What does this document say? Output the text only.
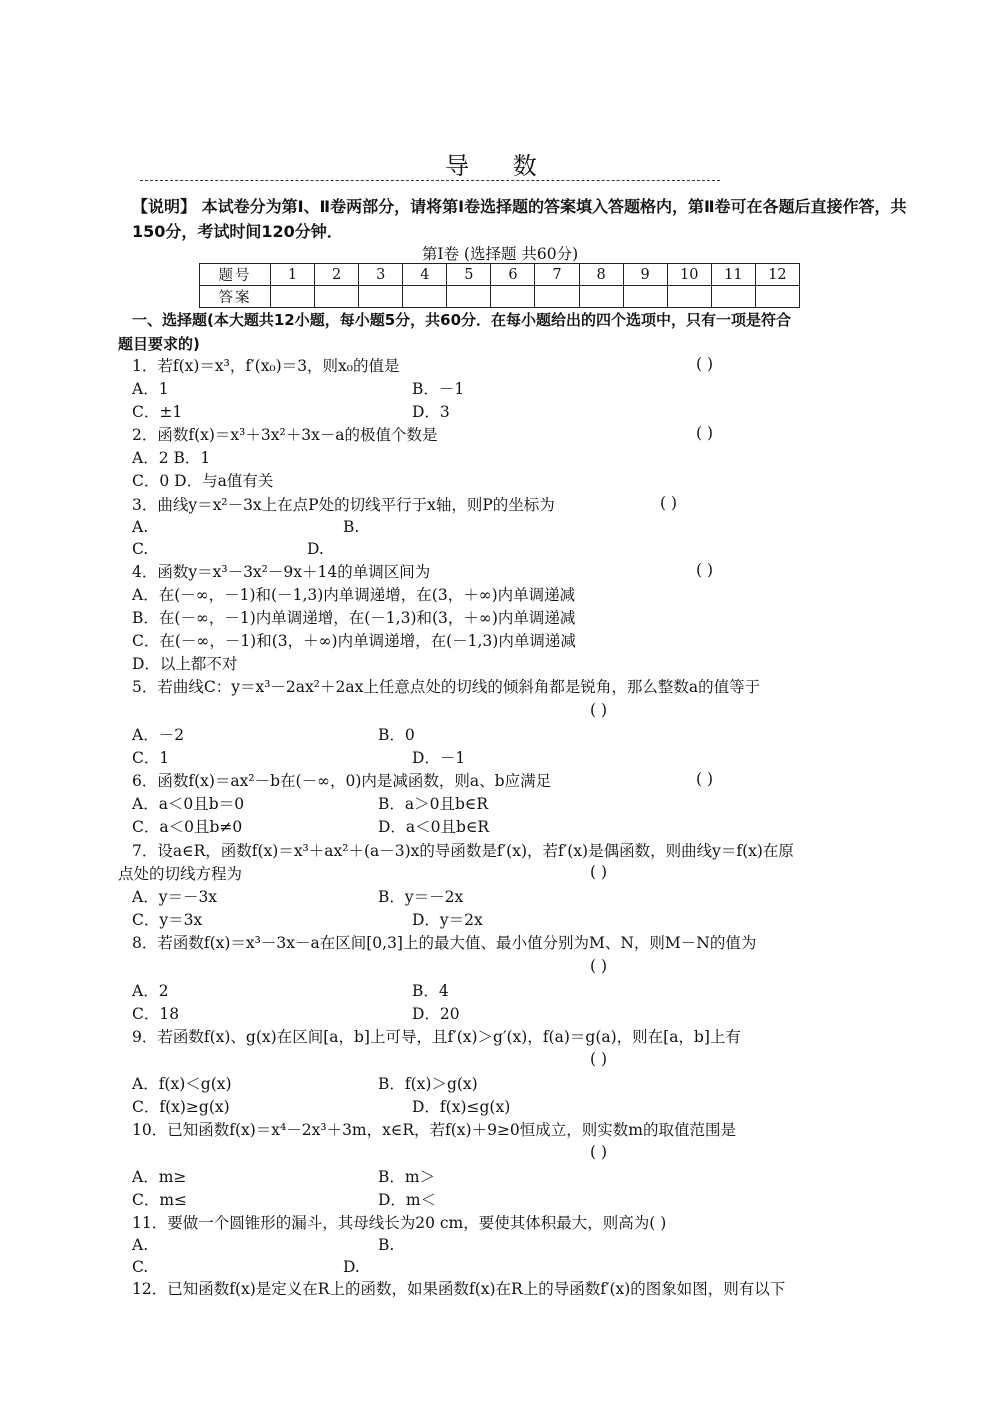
导 数
【说明】 本试卷分为第Ⅰ、Ⅱ卷两部分，请将第Ⅰ卷选择题的答案填入答题格内，第Ⅱ卷可在各题后直接作答，共150分，考试时间120分钟．
第Ⅰ卷 (选择题 共60分)
题号	1	2	3	4	5	6	7	8	9	10	11	12
答案												
一、选择题(本大题共12小题，每小题5分，共60分．在每小题给出的四个选项中，只有一项是符合
题目要求的)
1．若f(x)＝x³，f′(x₀)＝3，则x₀的值是	( )
A．1	B．－1
C．±1	D．3
2．函数f(x)＝x³＋3x²＋3x－a的极值个数是	( )
A．2 B．1
C．0 D．与a值有关
3．曲线y＝x²－3x上在点P处的切线平行于x轴，则P的坐标为	( )
A.	B.
C.	D.
4．函数y＝x³－3x²－9x＋14的单调区间为	( )
A．在(－∞，－1)和(－1,3)内单调递增，在(3，＋∞)内单调递减
B．在(－∞，－1)内单调递增，在(－1,3)和(3，＋∞)内单调递减
C．在(－∞，－1)和(3，＋∞)内单调递增，在(－1,3)内单调递减
D．以上都不对
5．若曲线C：y＝x³－2ax²＋2ax上任意点处的切线的倾斜角都是锐角，那么整数a的值等于
( )
A．－2	B．0
C．1	D．－1
6．函数f(x)＝ax²－b在(－∞，0)内是减函数，则a、b应满足	( )
A．a＜0且b＝0	B．a＞0且b∈R
C．a＜0且b≠0	D．a＜0且b∈R
7．设a∈R，函数f(x)＝x³＋ax²＋(a－3)x的导函数是f′(x)，若f′(x)是偶函数，则曲线y＝f(x)在原
点处的切线方程为	( )
A．y＝－3x	B．y＝－2x
C．y＝3x	D．y＝2x
8．若函数f(x)＝x³－3x－a在区间[0,3]上的最大值、最小值分别为M、N，则M－N的值为
( )
A．2	B．4
C．18	D．20
9．若函数f(x)、g(x)在区间[a，b]上可导，且f′(x)＞g′(x)，f(a)＝g(a)，则在[a，b]上有
( )
A．f(x)＜g(x)	B．f(x)＞g(x)
C．f(x)≥g(x)	D．f(x)≤g(x)
10．已知函数f(x)＝x⁴－2x³＋3m，x∈R，若f(x)＋9≥0恒成立，则实数m的取值范围是
( )
A．m≥	B．m＞
C．m≤	D．m＜
11．要做一个圆锥形的漏斗，其母线长为20 cm，要使其体积最大，则高为( )
A.	B.
C.	D.
12．已知函数f(x)是定义在R上的函数，如果函数f(x)在R上的导函数f′(x)的图象如图，则有以下
